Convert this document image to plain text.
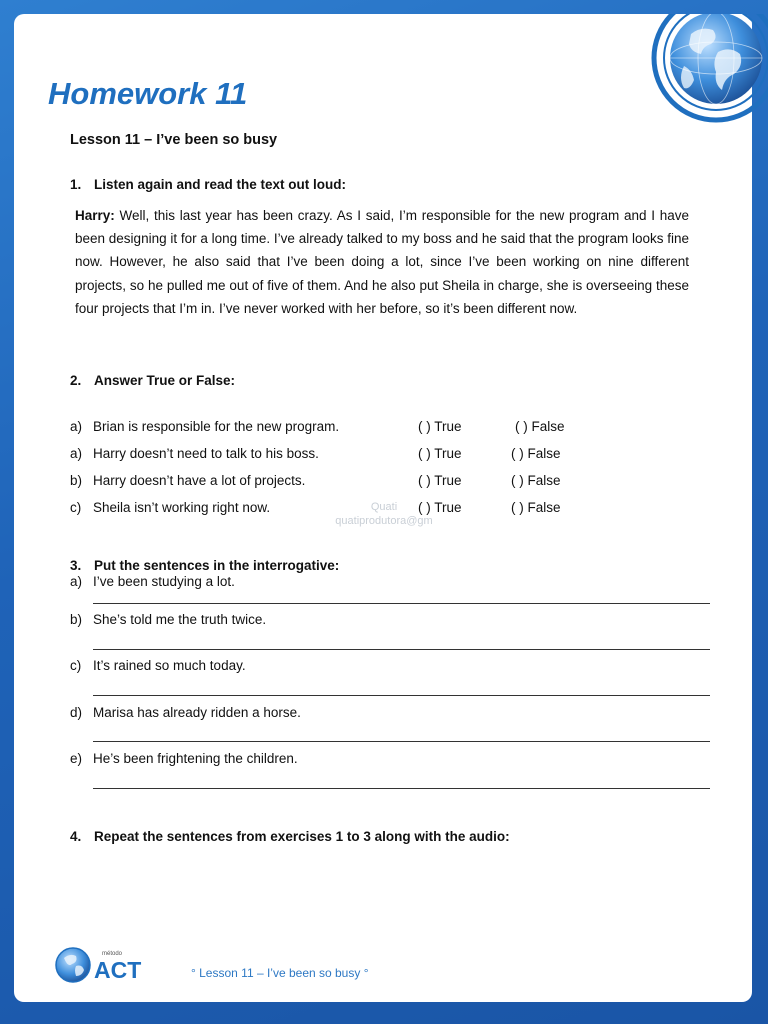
Homework 11
Lesson 11 – I’ve been so busy
1. Listen again and read the text out loud:
Harry: Well, this last year has been crazy. As I said, I’m responsible for the new program and I have been designing it for a long time. I’ve already talked to my boss and he said that the program looks fine now. However, he also said that I’ve been doing a lot, since I’ve been working on nine different projects, so he pulled me out of five of them. And he also put Sheila in charge, she is overseeing these four projects that I’m in. I’ve never worked with her before, so it’s been different now.
2. Answer True or False:
a) Brian is responsible for the new program.	( ) True	( ) False
a) Harry doesn’t need to talk to his boss.	( ) True	( ) False
b) Harry doesn’t have a lot of projects.	( ) True	( ) False
c) Sheila isn’t working right now.	( ) True	( ) False
Quati
quatiprodutora@gm
3. Put the sentences in the interrogative:
a) I’ve been studying a lot.
b) She’s told me the truth twice.
c) It’s rained so much today.
d) Marisa has already ridden a horse.
e) He’s been frightening the children.
4. Repeat the sentences from exercises 1 to 3 along with the audio:
método
ACT	° Lesson 11 – I’ve been so busy °
